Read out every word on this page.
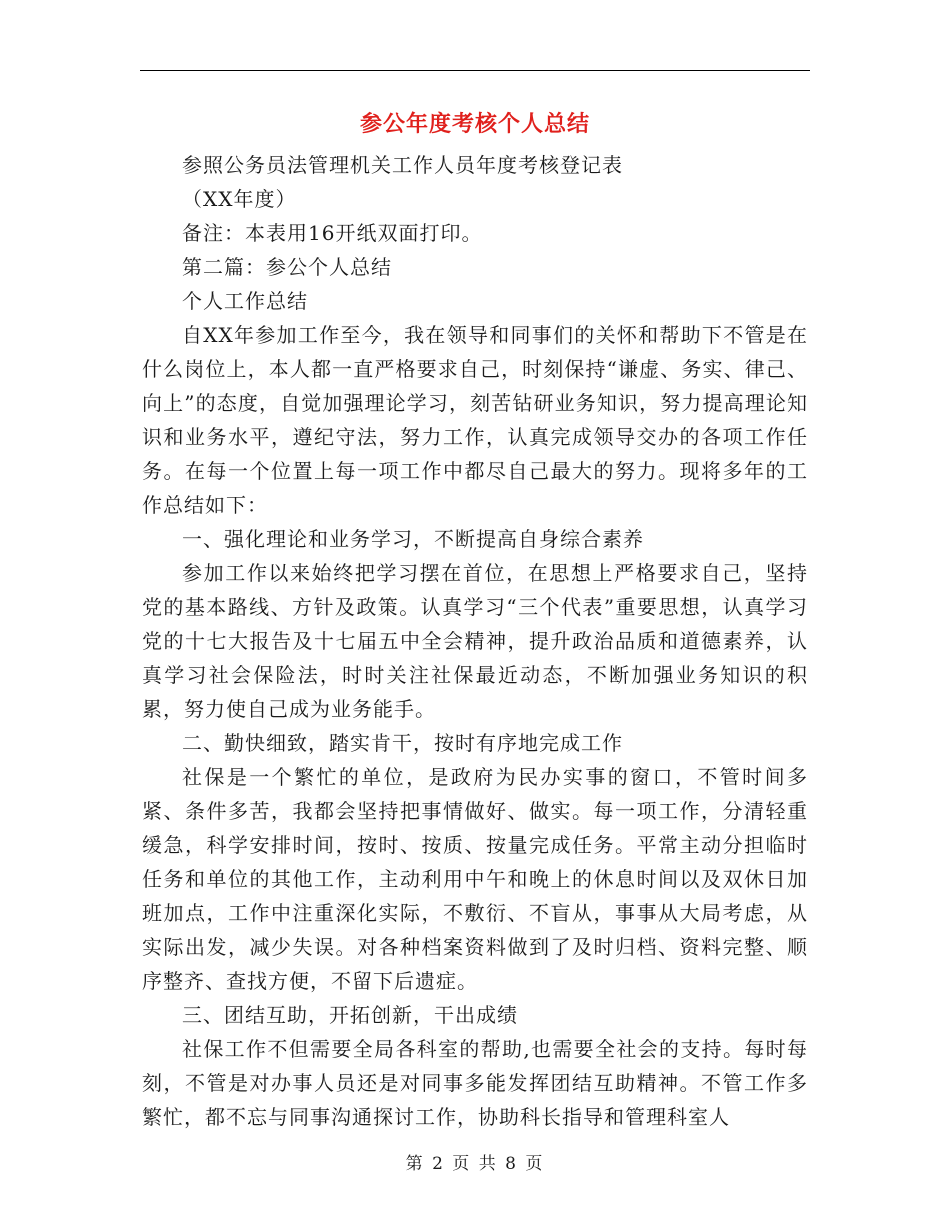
参公年度考核个人总结

参照公务员法管理机关工作人员年度考核登记表

（XX年度）

备注：本表用16开纸双面打印。

第二篇：参公个人总结

个人工作总结

自XX年参加工作至今，我在领导和同事们的关怀和帮助下不管是在什么岗位上，本人都一直严格要求自己，时刻保持“谦虚、务实、律己、向上”的态度，自觉加强理论学习，刻苦钻研业务知识，努力提高理论知识和业务水平，遵纪守法，努力工作，认真完成领导交办的各项工作任务。在每一个位置上每一项工作中都尽自己最大的努力。现将多年的工作总结如下：

一、强化理论和业务学习，不断提高自身综合素养

参加工作以来始终把学习摆在首位，在思想上严格要求自己，坚持党的基本路线、方针及政策。认真学习“三个代表”重要思想，认真学习党的十七大报告及十七届五中全会精神，提升政治品质和道德素养，认真学习社会保险法，时时关注社保最近动态，不断加强业务知识的积累，努力使自己成为业务能手。

二、勤快细致，踏实肯干，按时有序地完成工作

社保是一个繁忙的单位，是政府为民办实事的窗口，不管时间多紧、条件多苦，我都会坚持把事情做好、做实。每一项工作，分清轻重缓急，科学安排时间，按时、按质、按量完成任务。平常主动分担临时任务和单位的其他工作，主动利用中午和晚上的休息时间以及双休日加班加点，工作中注重深化实际，不敷衍、不盲从，事事从大局考虑，从实际出发，减少失误。对各种档案资料做到了及时归档、资料完整、顺序整齐、查找方便，不留下后遗症。

三、团结互助，开拓创新，干出成绩

社保工作不但需要全局各科室的帮助,也需要全社会的支持。每时每刻，不管是对办事人员还是对同事多能发挥团结互助精神。不管工作多繁忙，都不忘与同事沟通探讨工作，协助科长指导和管理科室人

第 2 页 共 8 页
